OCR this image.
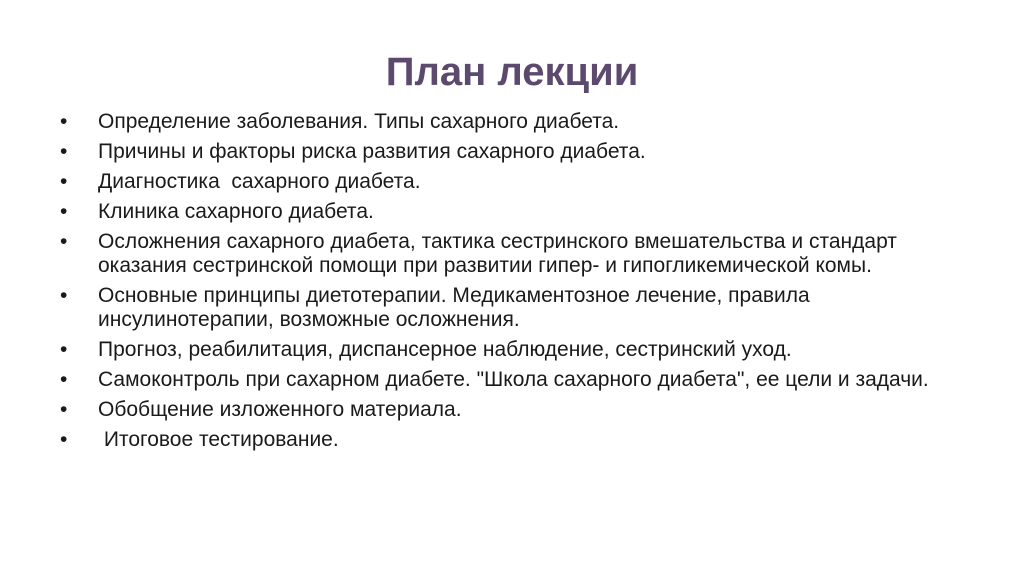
План лекции
•	Определение заболевания. Типы сахарного диабета.
•	Причины и факторы риска развития сахарного диабета.
•	Диагностика  сахарного диабета.
•	Клиника сахарного диабета.
•	Осложнения сахарного диабета, тактика сестринского вмешательства и стандарт оказания сестринской помощи при развитии гипер- и гипогликемической комы.
•	Основные принципы диетотерапии. Медикаментозное лечение, правила инсулинотерапии, возможные осложнения.
•	Прогноз, реабилитация, диспансерное наблюдение, сестринский уход.
•	Самоконтроль при сахарном диабете. "Школа сахарного диабета", ее цели и задачи.
•	Обобщение изложенного материала.
•	Итоговое тестирование.
